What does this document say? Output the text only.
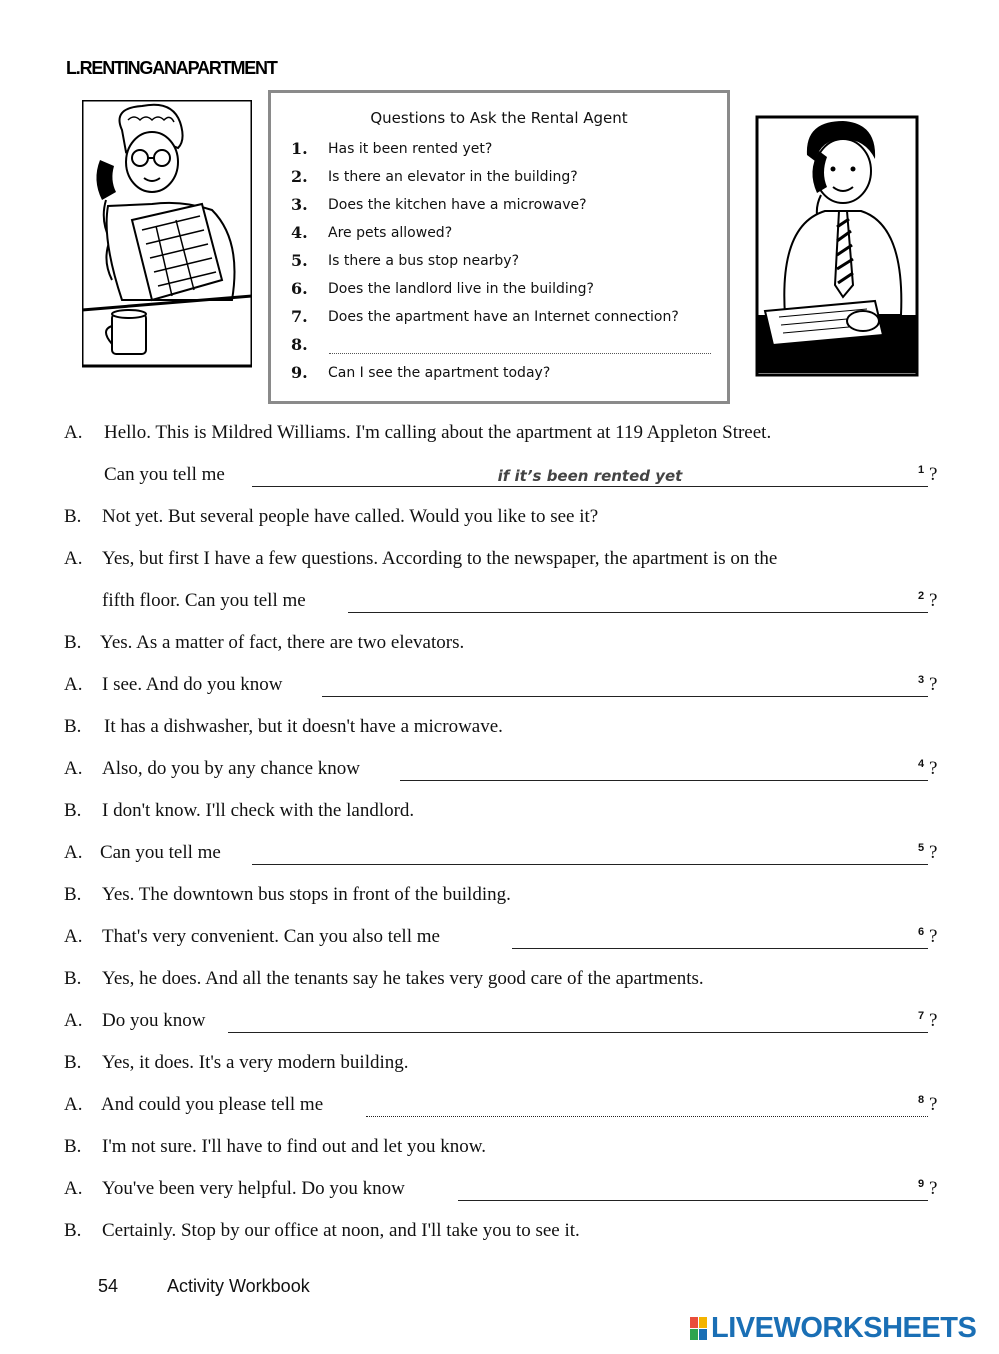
L.RENTINGANAPARTMENT
Questions to Ask the Rental Agent
1.	Has it been rented yet?
2.	Is there an elevator in the building?
3.	Does the kitchen have a microwave?
4.	Are pets allowed?
5.	Is there a bus stop nearby?
6.	Does the landlord live in the building?
7.	Does the apartment have an Internet connection?
8.
9.	Can I see the apartment today?
A. Hello. This is Mildred Williams. I'm calling about the apartment at 119 Appleton Street.
Can you tell me	if it’s been rented yet	1 ?
B. Not yet. But several people have called. Would you like to see it?
A. Yes, but first I have a few questions. According to the newspaper, the apartment is on the
fifth floor. Can you tell me	2 ?
B. Yes. As a matter of fact, there are two elevators.
A. I see. And do you know	3 ?
B. It has a dishwasher, but it doesn't have a microwave.
A. Also, do you by any chance know	4 ?
B. I don't know. I'll check with the landlord.
A. Can you tell me	5 ?
B. Yes. The downtown bus stops in front of the building.
A. That's very convenient. Can you also tell me	6 ?
B. Yes, he does. And all the tenants say he takes very good care of the apartments.
A. Do you know	7 ?
B. Yes, it does. It's a very modern building.
A. And could you please tell me	8 ?
B. I'm not sure. I'll have to find out and let you know.
A. You've been very helpful. Do you know	9 ?
B. Certainly. Stop by our office at noon, and I'll take you to see it.
54	Activity Workbook
LIVEWORKSHEETS
